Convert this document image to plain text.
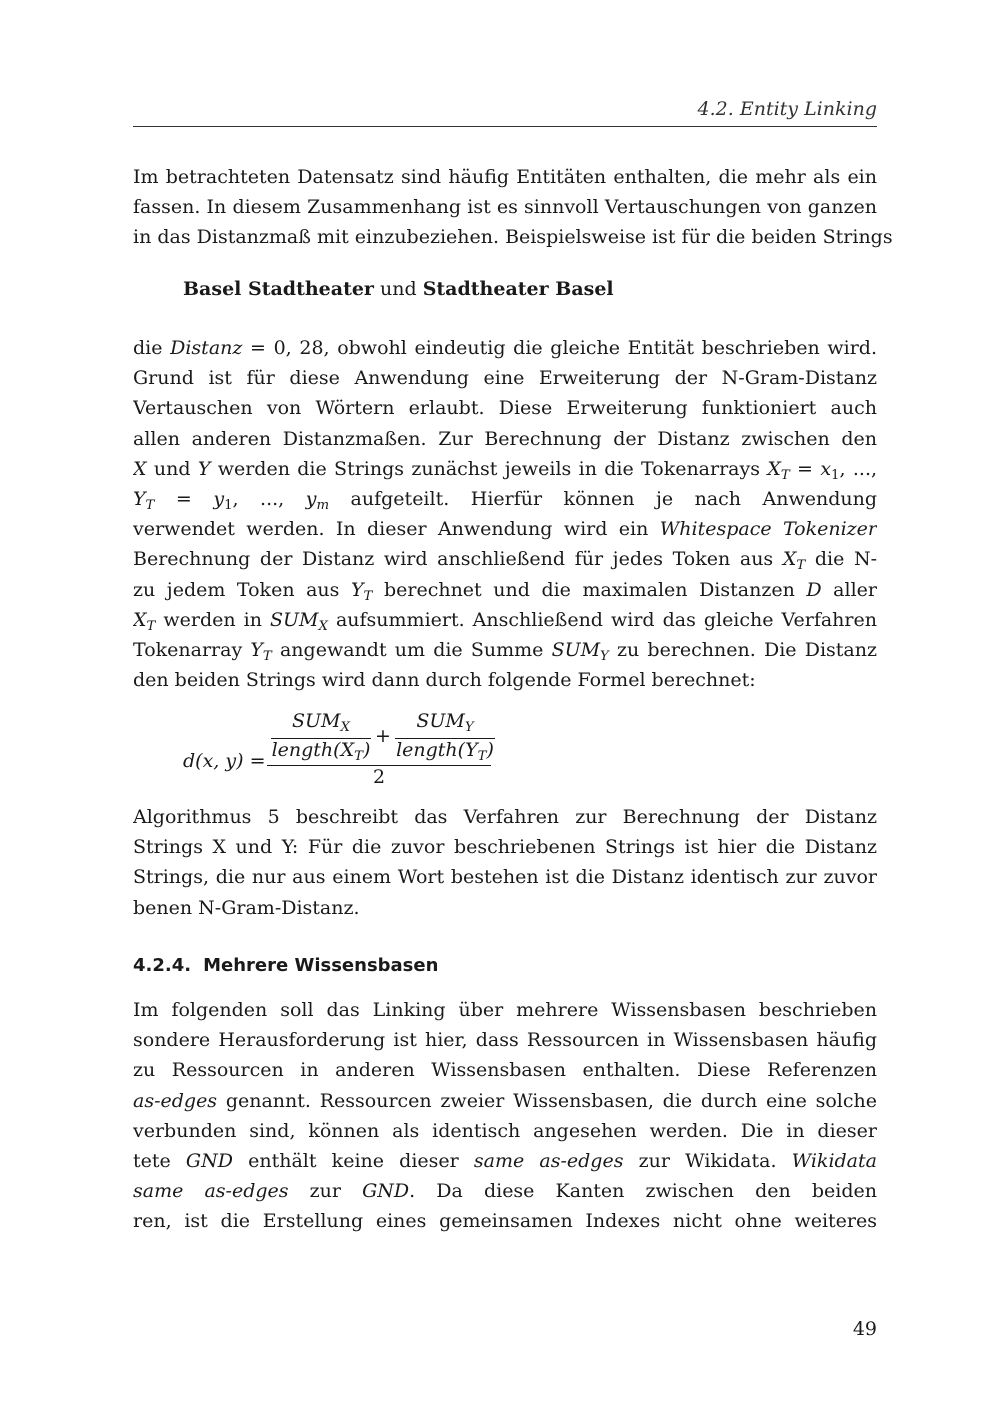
4.2. Entity Linking
Im betrachteten Datensatz sind häufig Entitäten enthalten, die mehr als ein
fassen. In diesem Zusammenhang ist es sinnvoll Vertauschungen von ganzen
in das Distanzmaß mit einzubeziehen. Beispielsweise ist für die beiden Strings
Basel Stadtheater und Stadtheater Basel
die Distanz = 0, 28, obwohl eindeutig die gleiche Entität beschrieben wird.
Grund ist für diese Anwendung eine Erweiterung der N-Gram-Distanz
Vertauschen von Wörtern erlaubt. Diese Erweiterung funktioniert auch
allen anderen Distanzmaßen. Zur Berechnung der Distanz zwischen den
X und Y werden die Strings zunächst jeweils in die Tokenarrays $X_T = x_1$, ...,
$Y_T = y_1$, ..., $y_m$ aufgeteilt. Hierfür können je nach Anwendung
verwendet werden. In dieser Anwendung wird ein Whitespace Tokenizer
Berechnung der Distanz wird anschließend für jedes Token aus $X_T$ die N-
zu jedem Token aus $Y_T$ berechnet und die maximalen Distanzen D aller
$X_T$ werden in $SUM_X$ aufsummiert. Anschließend wird das gleiche Verfahren
Tokenarray $Y_T$ angewandt um die Summe $SUM_Y$ zu berechnen. Die Distanz
den beiden Strings wird dann durch folgende Formel berechnet:
d(x, y) =
$SUM_X$
$length(X_T)$
+
$SUM_Y$
$length(Y_T)$
2
Algorithmus 5 beschreibt das Verfahren zur Berechnung der Distanz
Strings X und Y: Für die zuvor beschriebenen Strings ist hier die Distanz
Strings, die nur aus einem Wort bestehen ist die Distanz identisch zur zuvor
benen N-Gram-Distanz.
4.2.4. Mehrere Wissensbasen
Im folgenden soll das Linking über mehrere Wissensbasen beschrieben
sondere Herausforderung ist hier, dass Ressourcen in Wissensbasen häufig
zu Ressourcen in anderen Wissensbasen enthalten. Diese Referenzen
as-edges genannt. Ressourcen zweier Wissensbasen, die durch eine solche
verbunden sind, können als identisch angesehen werden. Die in dieser
tete GND enthält keine dieser same as-edges zur Wikidata. Wikidata
same as-edges zur GND. Da diese Kanten zwischen den beiden
ren, ist die Erstellung eines gemeinsamen Indexes nicht ohne weiteres
49
